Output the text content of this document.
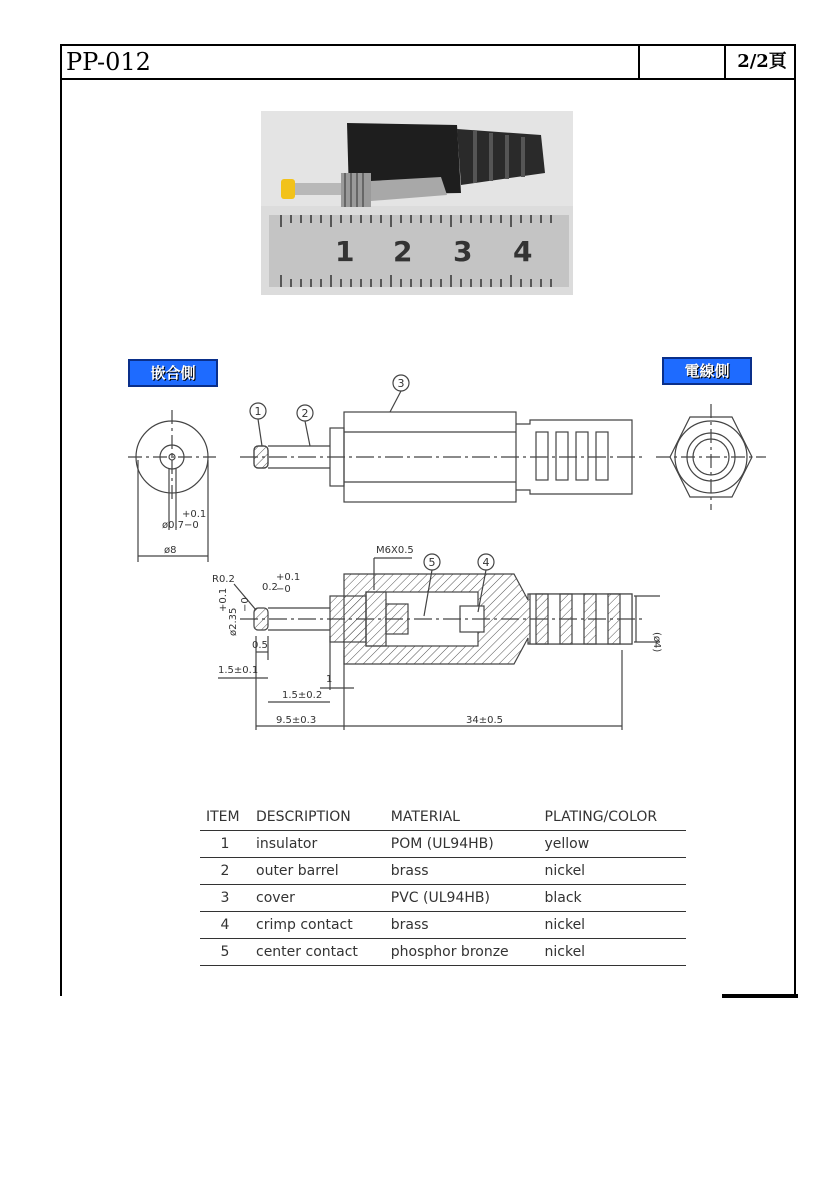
PP-012	2/2頁
1 2 3 4
嵌合側	電線側
+0.1
ø0.7 −0
ø8
1	2
3
5	4
M6X0.5
R0.2
0.2
+0.1
−0
0.5
1.5±0.1
1.5±0.2
1
9.5±0.3	34±0.5
ø2.35
+0.1 −0
(ø4)
ITEM	DESCRIPTION	MATERIAL	PLATING/COLOR
1	insulator	POM (UL94HB)	yellow
2	outer barrel	brass	nickel
3	cover	PVC (UL94HB)	black
4	crimp contact	brass	nickel
5	center contact	phosphor bronze	nickel
